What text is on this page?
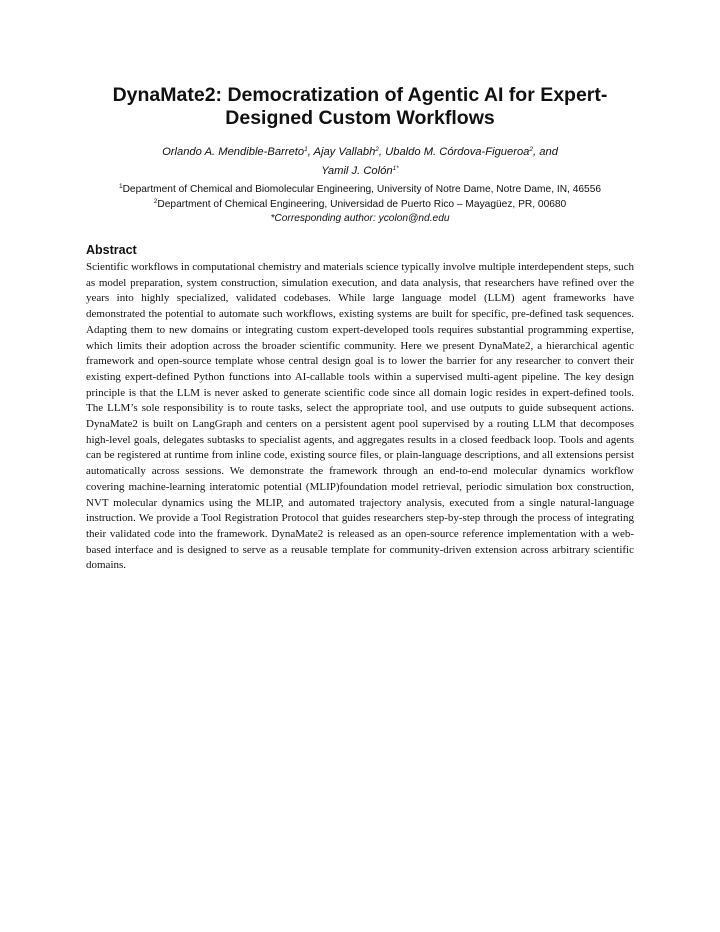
DynaMate2: Democratization of Agentic AI for Expert-Designed Custom Workflows
Orlando A. Mendible-Barreto$^1$, Ajay Vallabh$^2$, Ubaldo M. Córdova-Figueroa$^2$, and
Yamil J. Colón$^{1*}$
$^1$Department of Chemical and Biomolecular Engineering, University of Notre Dame, Notre Dame, IN, 46556
$^2$Department of Chemical Engineering, Universidad de Puerto Rico – Mayagüez, PR, 00680
*Corresponding author: ycolon@nd.edu
Abstract

Scientific workflows in computational chemistry and materials science typically involve multiple interdependent steps, such as model preparation, system construction, simulation execution, and data analysis, that researchers have refined over the years into highly specialized, validated codebases. While large language model (LLM) agent frameworks have demonstrated the potential to automate such workflows, existing systems are built for specific, pre-defined task sequences. Adapting them to new domains or integrating custom expert-developed tools requires substantial programming expertise, which limits their adoption across the broader scientific community. Here we present DynaMate2, a hierarchical agentic framework and open-source template whose central design goal is to lower the barrier for any researcher to convert their existing expert-defined Python functions into AI-callable tools within a supervised multi-agent pipeline. The key design principle is that the LLM is never asked to generate scientific code since all domain logic resides in expert-defined tools. The LLM’s sole responsibility is to route tasks, select the appropriate tool, and use outputs to guide subsequent actions. DynaMate2 is built on LangGraph and centers on a persistent agent pool supervised by a routing LLM that decomposes high-level goals, delegates subtasks to specialist agents, and aggregates results in a closed feedback loop. Tools and agents can be registered at runtime from inline code, existing source files, or plain-language descriptions, and all extensions persist automatically across sessions. We demonstrate the framework through an end-to-end molecular dynamics workflow covering machine-learning interatomic potential (MLIP)foundation model retrieval, periodic simulation box construction, NVT molecular dynamics using the MLIP, and automated trajectory analysis, executed from a single natural-language instruction. We provide a Tool Registration Protocol that guides researchers step-by-step through the process of integrating their validated code into the framework. DynaMate2 is released as an open-source reference implementation with a web-based interface and is designed to serve as a reusable template for community-driven extension across arbitrary scientific domains.
